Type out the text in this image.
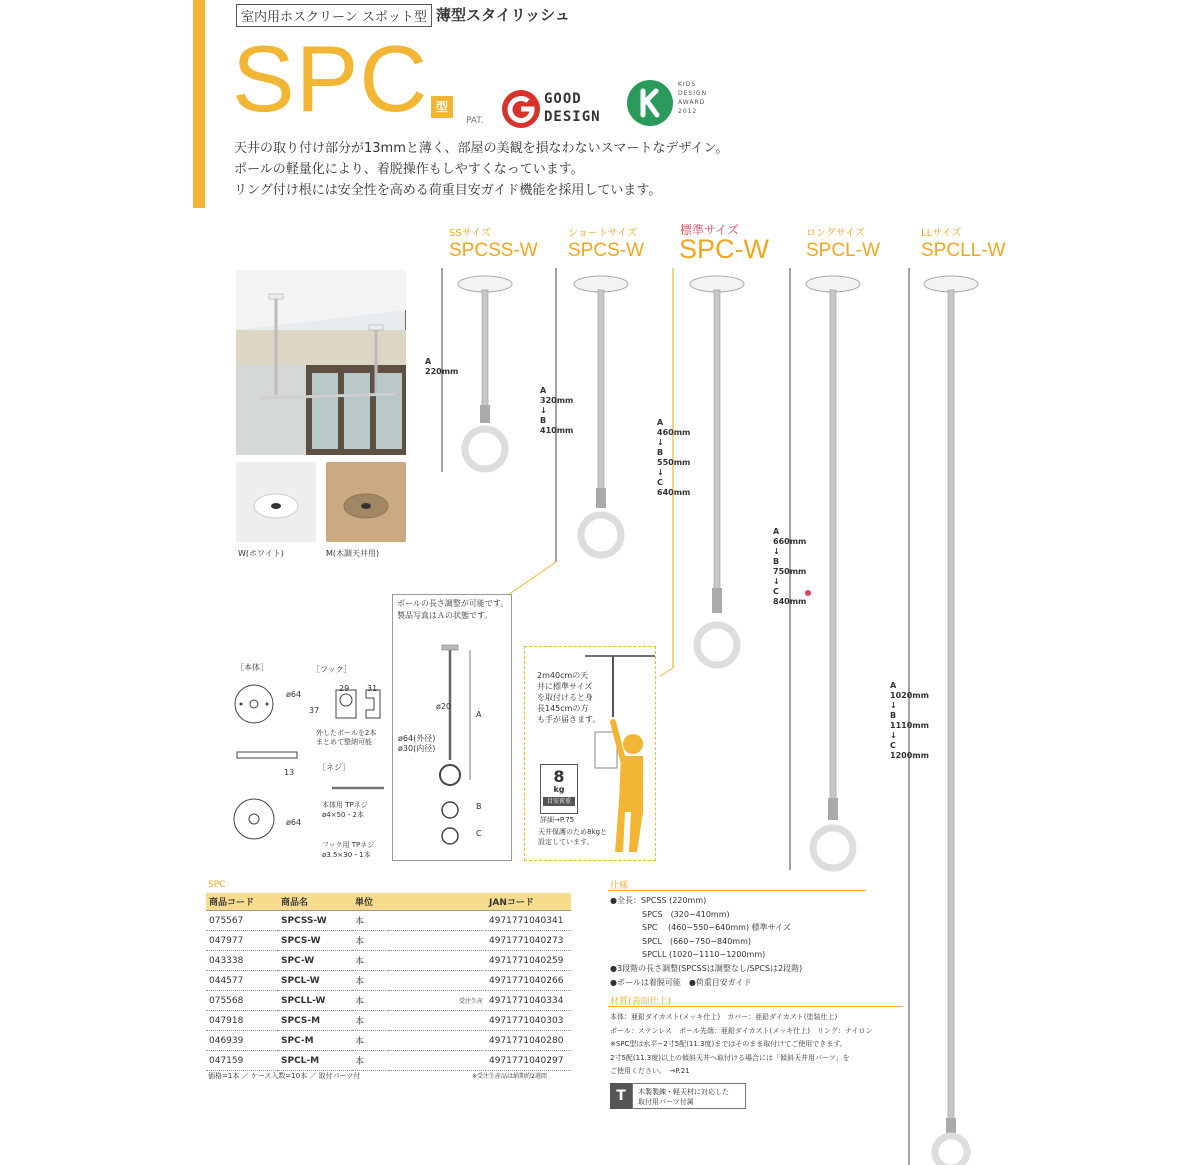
室内用ホスクリーン スポット型 薄型スタイリッシュ
SPC 型
PAT.
GOOD
DESIGN
KIDS
DESIGN
AWARD
2012
天井の取り付け部分が13mmと薄く、部屋の美観を損なわないスマートなデザイン。
ポールの軽量化により、着脱操作もしやすくなっています。
リング付け根には安全性を高める荷重目安ガイド機能を採用しています。
W(ホワイト)	M(木調天井用)
SSサイズ
SPCSS-W
ショートサイズ
SPCS-W
標準サイズ
SPC-W
ロングサイズ
SPCL-W
LLサイズ
SPCLL-W
A
220mm
A
320mm
↓
B
410mm
A
460mm
↓
B
550mm
↓
C
640mm
A
660mm
↓
B
750mm
↓
C
840mm
A
1020mm
↓
B
1110mm
↓
C
1200mm
ポールの長さ調整が可能です。
製品写真はＡの状態です。
ø20
A
ø64(外径)
ø30(内径)
B
C
2m40cmの天
井に標準サイズ
を取付けると身
長145cmの方
も手が届きます。
8
kg
目安荷重
詳細→P.75
天井保護のため8kgと
設定しています。
［本体］	［フック］
ø64
29 31
37
13
ø64
外したポールを2本
まとめて整納可能
［ネジ］
本体用 TPネジ
ø4×50・2本
フック用 TPネジ
ø3.5×30・1本
SPC
商品コード	商品名	単位		JANコード
075567	SPCSS-W	本		4971771040341
047977	SPCS-W	本		4971771040273
043338	SPC-W	本		4971771040259
044577	SPCL-W	本		4971771040266
075568	SPCLL-W	本	受注生産	4971771040334
047918	SPCS-M	本		4971771040303
046939	SPC-M	本		4971771040280
047159	SPCL-M	本		4971771040297
価格=1本 ／ ケース入数=10本 ／ 取付パーツ付	※受注生産品は納期約2週間
仕様
●全長：SPCSS (220mm)
　　　　SPCS　(320−410mm)
　　　　SPC　 (460−550−640mm) 標準サイズ
　　　　SPCL　(660−750−840mm)
　　　　SPCLL (1020−1110−1200mm)
●3段階の長さ調整(SPCSSは調整なし/SPCSは2段階)
●ポールは着脱可能　●荷重目安ガイド
材質(表面仕上)
本体：亜鉛ダイカスト(メッキ仕上)　カバー：亜鉛ダイカスト(塗装仕上)
ポール：ステンレス　ポール先端：亜鉛ダイカスト(メッキ仕上)　リング：ナイロン
※SPC型は水平−2寸5配(11.3度)まではそのまま取付けてご使用できます。
2寸5配(11.3度)以上の傾斜天井へ取付ける場合には「傾斜天井用パーツ」を
ご使用ください。　→P.21
T	木製製錬・軽天材に対応した
取付用パーツ付属
